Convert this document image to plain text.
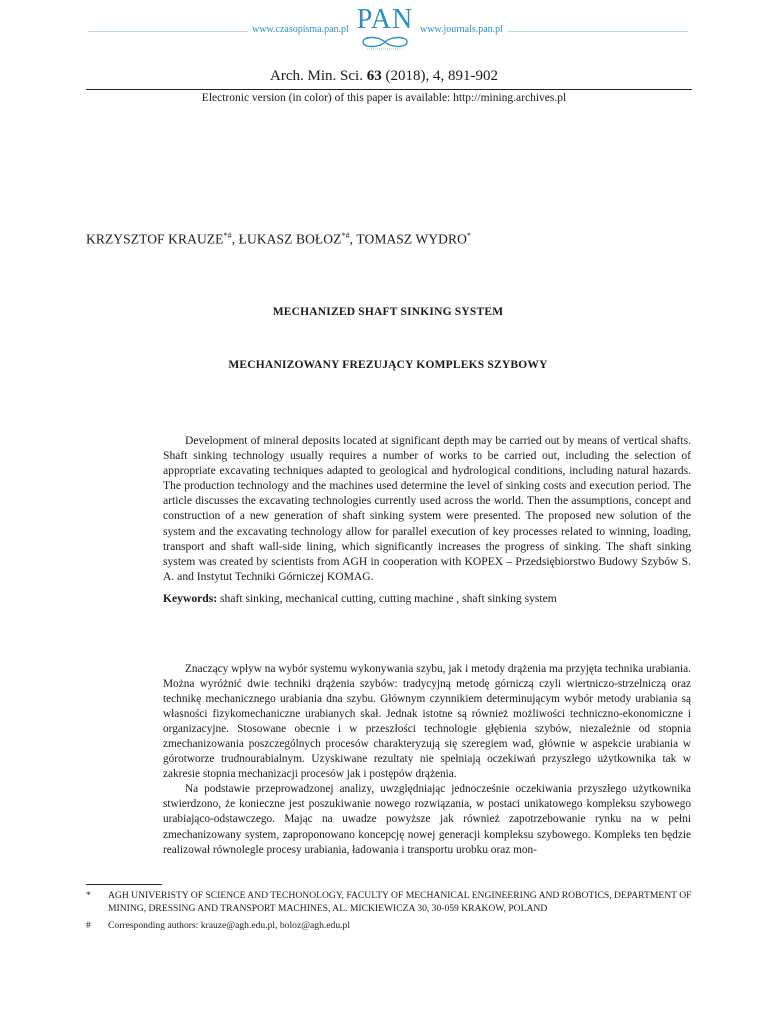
www.czasopisma.pan.pl PAN www.journals.pan.pl
Arch. Min. Sci. 63 (2018), 4, 891-902
Electronic version (in color) of this paper is available: http://mining.archives.pl
KRZYSZTOF KRAUZE*#, ŁUKASZ BOŁOZ*#, TOMASZ WYDRO*
MECHANIZED SHAFT SINKING SYSTEM
MECHANIZOWANY FREZUJĄCY KOMPLEKS SZYBOWY
Development of mineral deposits located at significant depth may be carried out by means of vertical shafts. Shaft sinking technology usually requires a number of works to be carried out, including the selection of appropriate excavating techniques adapted to geological and hydrological conditions, including natural hazards. The production technology and the machines used determine the level of sinking costs and execution period. The article discusses the excavating technologies currently used across the world. Then the assumptions, concept and construction of a new generation of shaft sinking system were presented. The proposed new solution of the system and the excavating technology allow for parallel execution of key processes related to winning, loading, transport and shaft wall-side lining, which significantly increases the progress of sinking. The shaft sinking system was created by scientists from AGH in cooperation with KOPEX – Przedsiębiorstwo Budowy Szybów S. A. and Instytut Techniki Górniczej KOMAG.
Keywords: shaft sinking, mechanical cutting, cutting machine , shaft sinking system

Znaczący wpływ na wybór systemu wykonywania szybu, jak i metody drążenia ma przyjęta technika urabiania. Można wyróżnić dwie techniki drążenia szybów: tradycyjną metodę górniczą czyli wiertniczo-strzelniczą oraz technikę mechanicznego urabiania dna szybu. Głównym czynnikiem determinującym wybór metody urabiania są własności fizykomechaniczne urabianych skał. Jednak istotne są również możliwości techniczno-ekonomiczne i organizacyjne. Stosowane obecnie i w przeszłości technologie głębienia szybów, niezależnie od stopnia zmechanizowania poszczególnych procesów charakteryzują się szeregiem wad, głównie w aspekcie urabiania w górotworze trudnourabialnym. Uzyskiwane rezultaty nie spełniają oczekiwań przyszłego użytkownika tak w zakresie stopnia mechanizacji procesów jak i postępów drążenia.

Na podstawie przeprowadzonej analizy, uwzględniając jednocześnie oczekiwania przyszłego użytkownika stwierdzono, że konieczne jest poszukiwanie nowego rozwiązania, w postaci unikatowego kompleksu szybowego urabiająco-odstawczego. Mając na uwadze powyższe jak również zapotrzebowanie rynku na w pełni zmechanizowany system, zaproponowano koncepcję nowej generacji kompleksu szybowego. Kompleks ten będzie realizował równolegle procesy urabiania, ładowania i transportu urobku oraz mon-

* AGH UNIVERISTY OF SCIENCE AND TECHONOLOGY, FACULTY OF MECHANICAL ENGINEERING AND ROBOTICS, DEPARTMENT OF MINING, DRESSING AND TRANSPORT MACHINES, AL. MICKIEWICZA 30, 30-059 KRAKOW, POLAND
# Corresponding authors: krauze@agh.edu.pl, boloz@agh.edu.pl
